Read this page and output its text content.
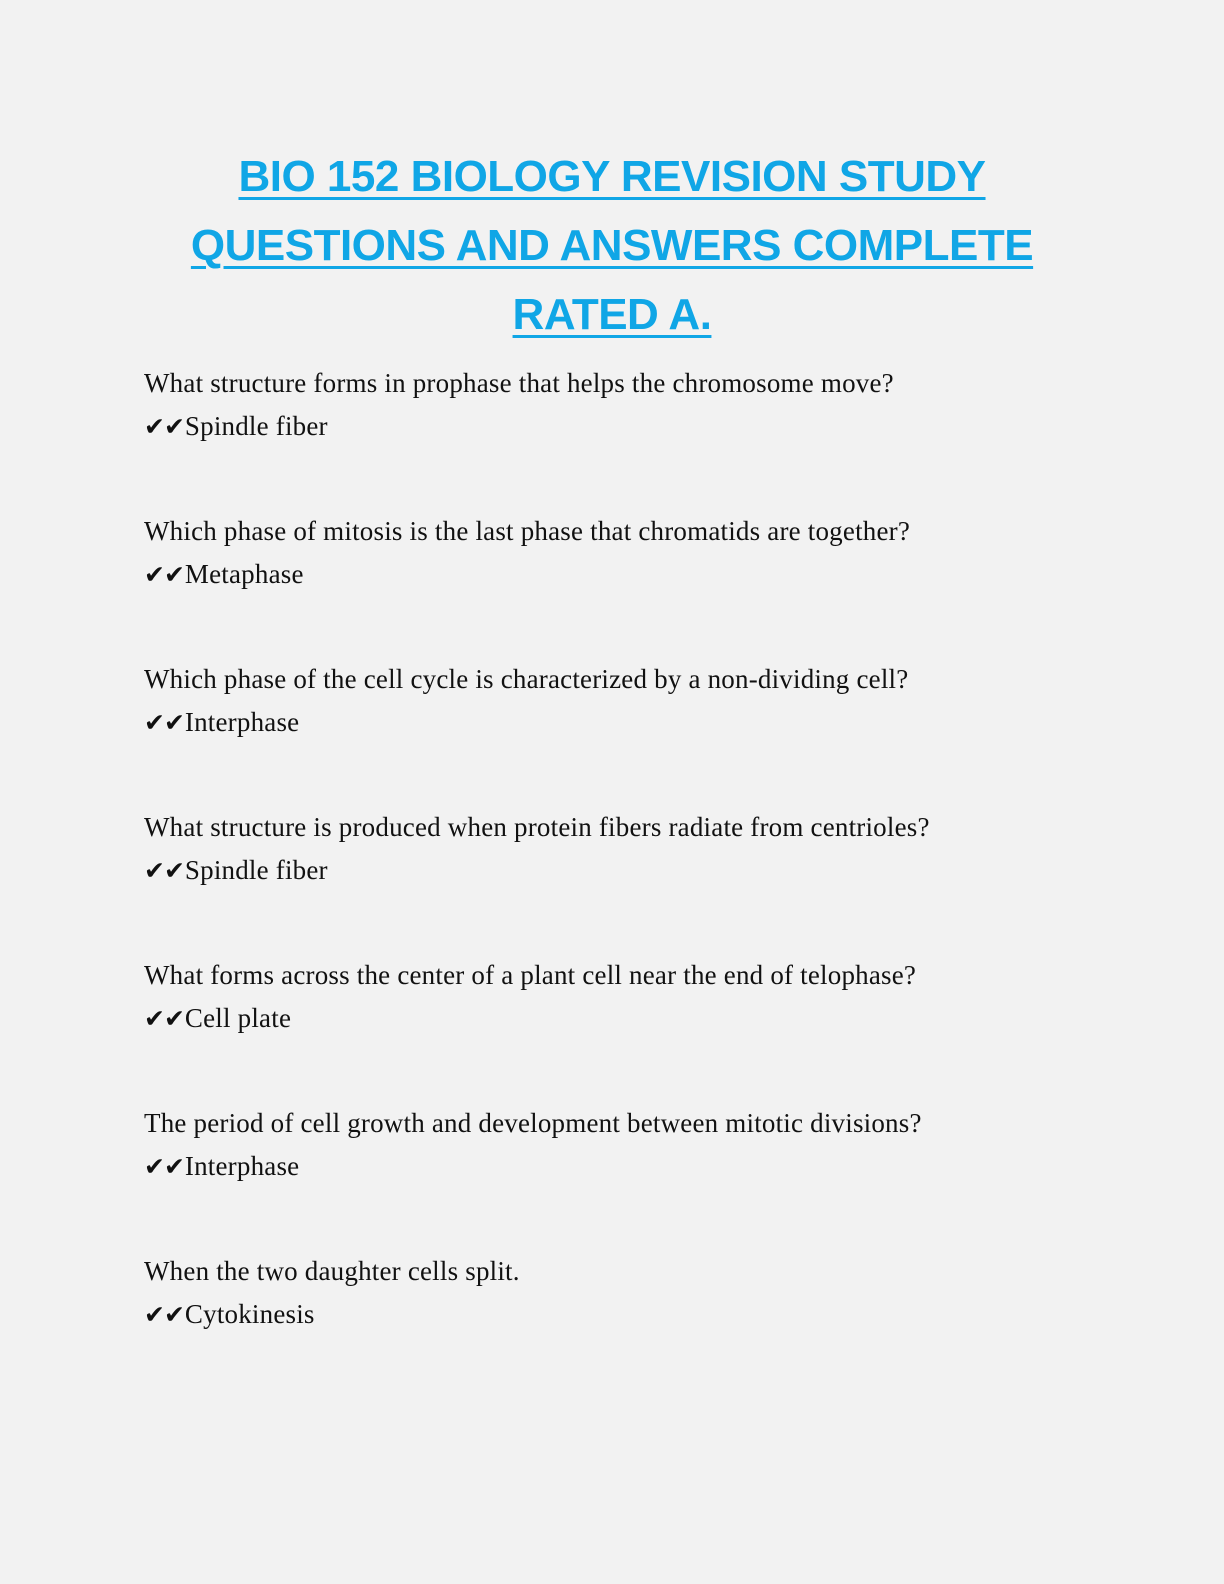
BIO 152 BIOLOGY REVISION STUDY
QUESTIONS AND ANSWERS COMPLETE
RATED A.
What structure forms in prophase that helps the chromosome move?
✔✔Spindle fiber
Which phase of mitosis is the last phase that chromatids are together?
✔✔Metaphase
Which phase of the cell cycle is characterized by a non-dividing cell?
✔✔Interphase
What structure is produced when protein fibers radiate from centrioles?
✔✔Spindle fiber
What forms across the center of a plant cell near the end of telophase?
✔✔Cell plate
The period of cell growth and development between mitotic divisions?
✔✔Interphase
When the two daughter cells split.
✔✔Cytokinesis
